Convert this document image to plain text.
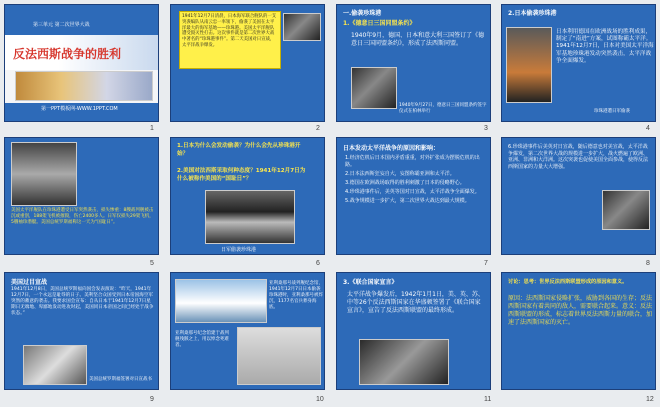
第三单元 第二次世界大战
反法西斯战争的胜利
第一PPT模板网-WWW.1PPT.COM
1
1941年12月7日清晨，日本海军联合舰队的一支突袭编队从南云忠一率领下，偷袭了美国在太平洋最大的海军基地——珍珠港。美国太平洋舰队遭受毁灭性打击。这次事件就是第二次世界大战中著名的“珍珠港事件”。第二天美国对日宣战，太平洋战争爆发。
2
一.偷袭珍珠港
1.《德意日三国同盟条约》
1940年9月，德国、日本和意大利三国签订了《德意日三国同盟条约》，形成了法西斯同盟。
1940年9月27日，德意日三国同盟条约签字仪式在柏林举行
3
2.日本偷袭珍珠港
日本利用德国在欧洲战场的胜利成果，制定了“南进”方案，试图称霸太平洋。1941年12月7日，日本对美国太平洋海军基地珍珠港发动突然袭击，太平洋战争全面爆发。
珍珠港遭日军偷袭
4
美国太平洋舰队在珍珠港遭受日军突然袭击，损失惨重：8艘战列舰被击沉或重创，188架飞机被摧毁，伤亡2400多人。日军仅损失29架飞机，5艘袖珍潜艇。美国总统罗斯福称这一天为“国耻日”。
5
1.日本为什么会发动偷袭？为什么会先从珍珠港开始？
2.美国对法西斯采取何种态度？1941年12月7日为什么被称作美国的“国耻日”？
日军偷袭珍珠港
6
日本发动太平洋战争的原因和影响：
1.经济危机后日本国内矛盾重重，对外扩张成为摆脱危机的出路。
2.日本法西斯狂妄自大，妄图称霸亚洲和太平洋。
3.德国在欧洲战场取得的胜利刺激了日本的侵略野心。
4.珍珠港事件后，美英等国对日宣战，太平洋战争全面爆发。
5.战争规模进一步扩大，第二次世界大战达到最大规模。
7
6.珍珠港事件后美英对日宣战，随后德意也对美宣战，太平洋战争爆发，第二次世界大战的规模进一步扩大，战火燃遍了欧洲、亚洲、非洲和大洋洲。这次突袭也促使美国全面参战，使得反法西斯国家的力量大大增强。
8
美国过目宣战
1941年12月8日，美国总统罗斯福向国会发表演说：“昨天，1941年12月7日，一个永远是耻辱的日子。美利坚合众国受到日本帝国海空军突然的蓄意的袭击。我要求国会宣布：自从日本于1941年12月7日星期日无端地、卑鄙地发动进攻时起，美国同日本帝国之间已经处于战争状态。”
美国总统罗斯福签署对日宣战书
9
亚利桑那号战列舰纪念馆，1941年12月7日日本偷袭珍珠港时，亚利桑那号被炸沉，1177名官兵葬身海底。
亚利桑那号纪念馆建于战列舰残骸之上，用以悼念死难者。
10
3.《联合国家宣言》
太平洋战争爆发后，1942年1月1日，美、英、苏、中等26个反法西斯国家在华盛顿签署了《联合国家宣言》，宣告了反法西斯联盟的最终形成。
11
讨论：思考：世界反法西斯联盟形成的原因和意义。
原因：法西斯国家侵略扩张，威胁到各国的生存；反法西斯国家有着共同的敌人，需要联合起来。意义：反法西斯联盟的形成，标志着世界反法西斯力量的联合，加速了法西斯国家的灭亡。
12
